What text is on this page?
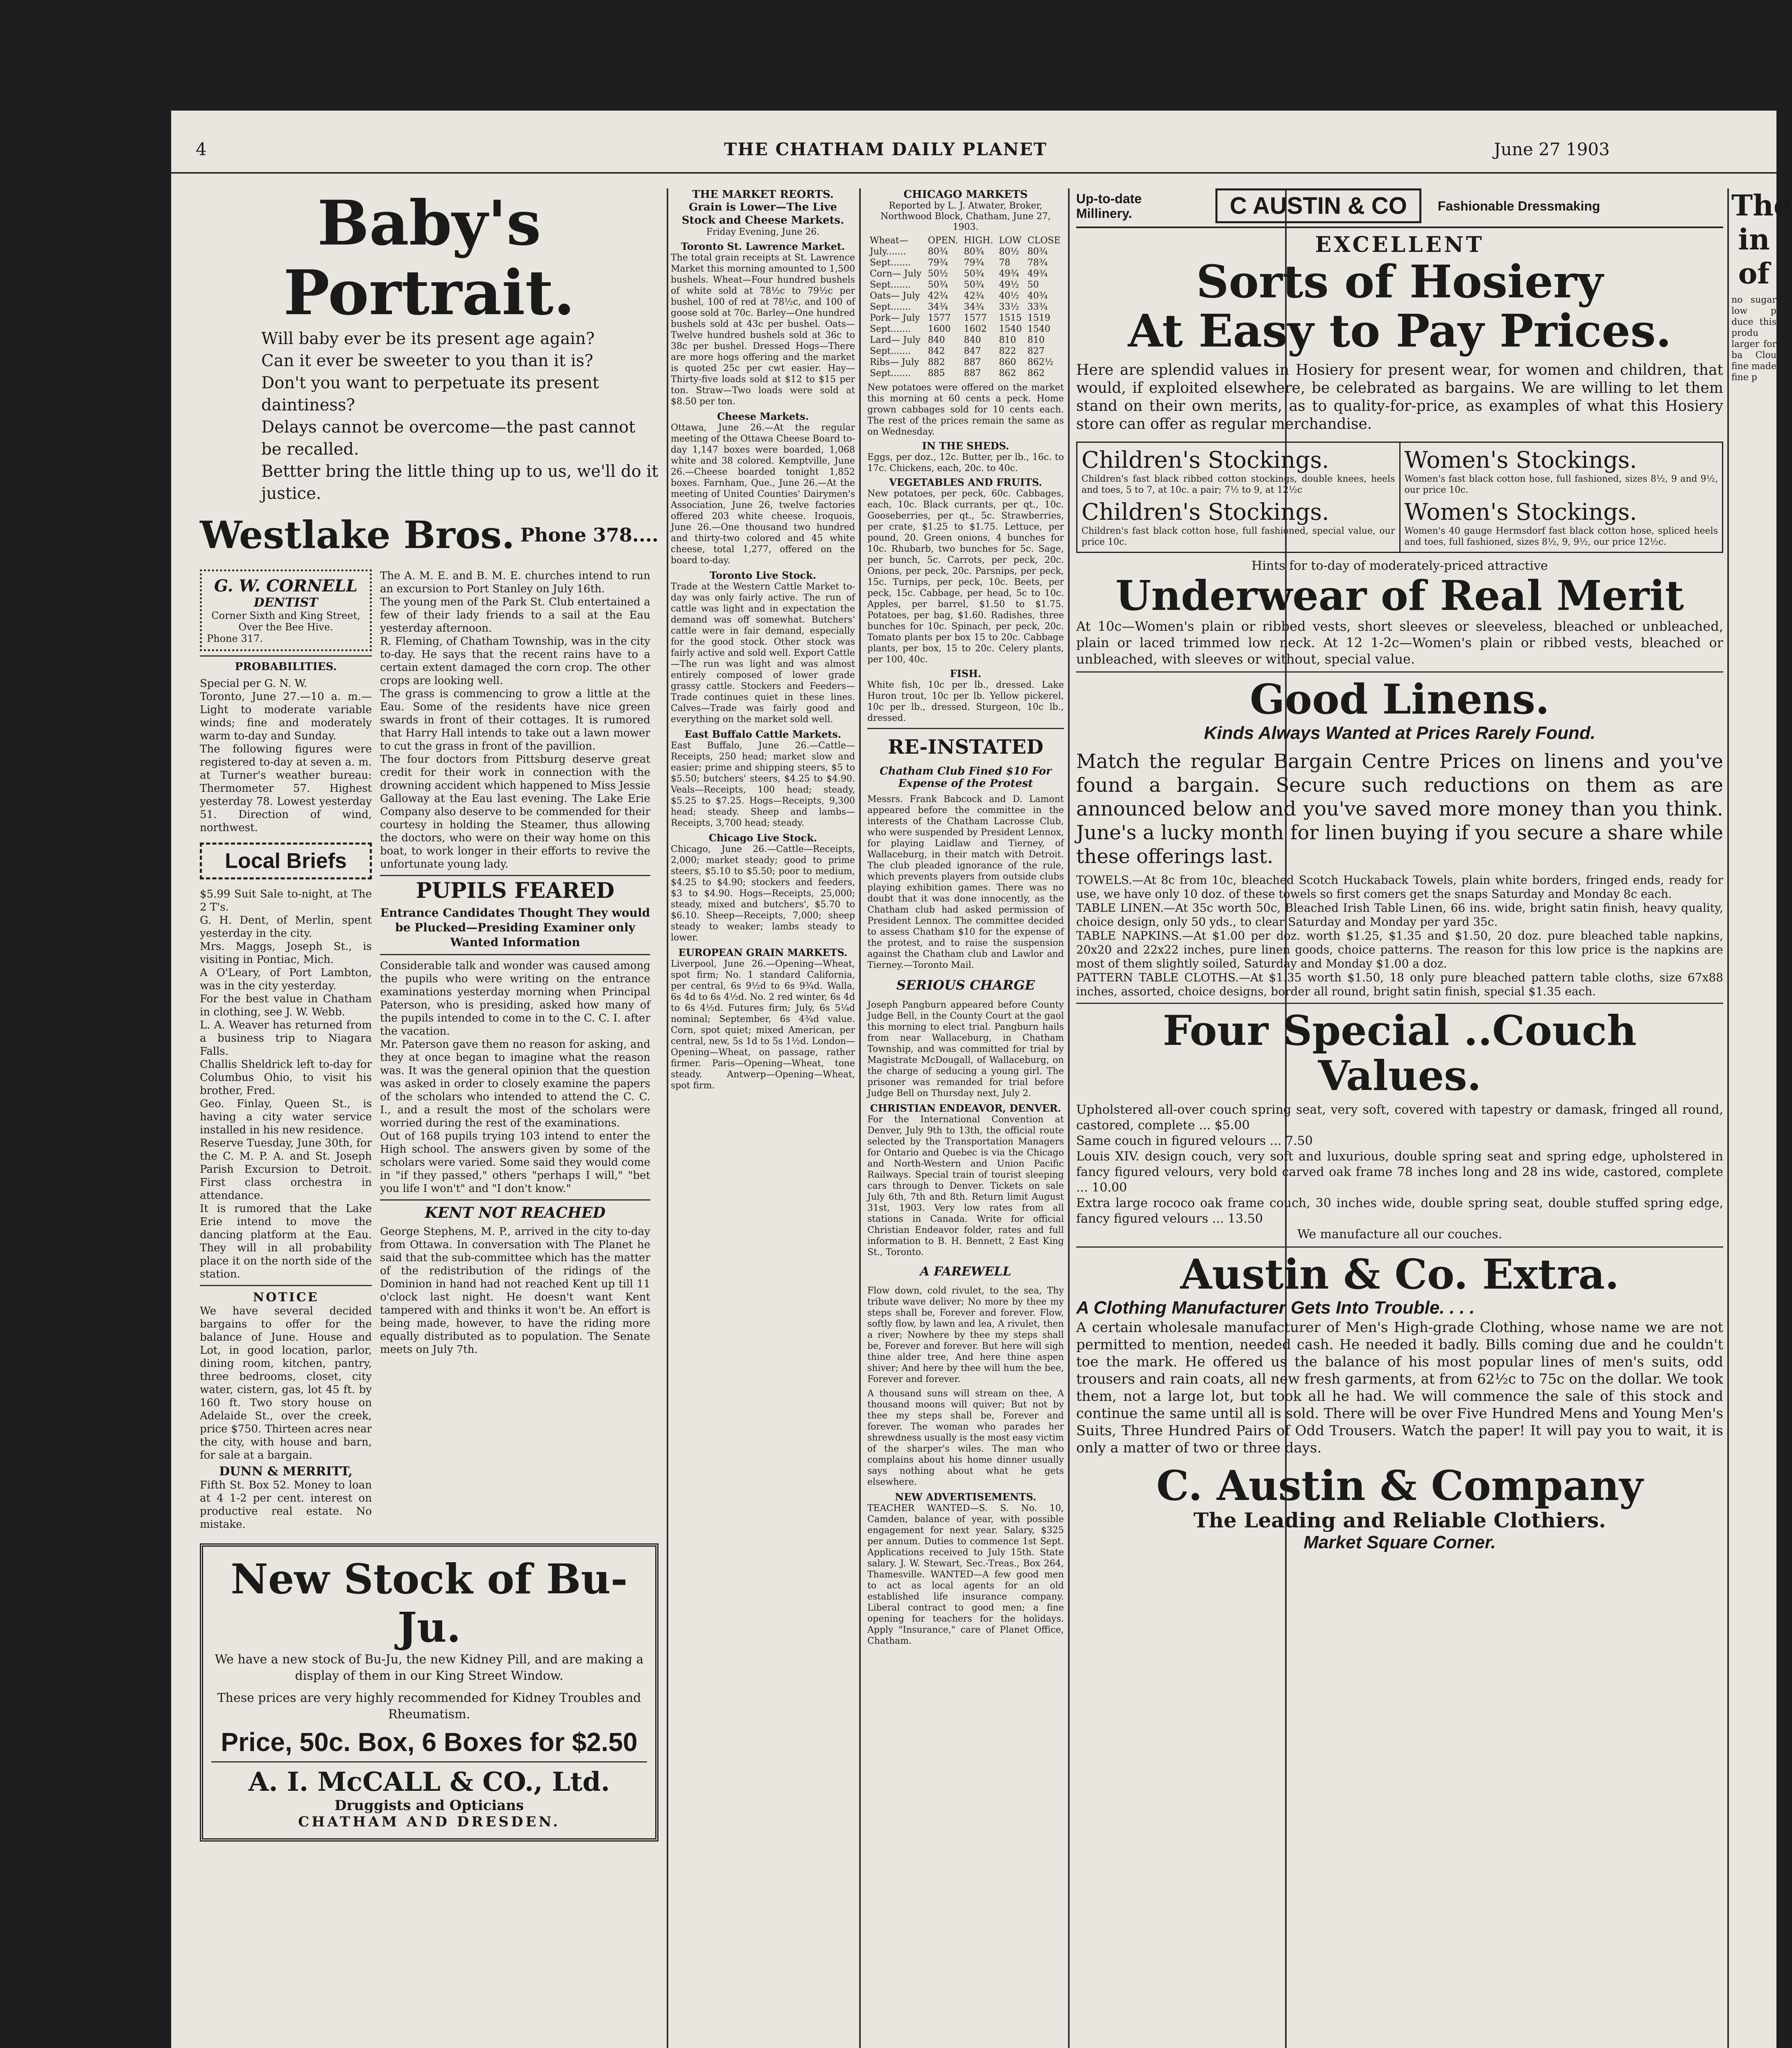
4	THE CHATHAM DAILY PLANET	June 27 1903
Baby's Portrait.

Will baby ever be its present age again?

Can it ever be sweeter to you than it is?

Don't you want to perpetuate its present daintiness?

Delays cannot be overcome—the past cannot be recalled.

Bettter bring the little thing up to us, we'll do it justice.

Westlake Bros. Phone 378....
G. W. CORNELL
DENTIST
Corner Sixth and King Street,
Over the Bee Hive.
Phone 317.
PROBABILITIES.

Special per G. N. W.

Toronto, June 27.—10 a. m.—Light to moderate variable winds; fine and moderately warm to-day and Sunday.

The following figures were registered to-day at seven a. m. at Turner's weather bureau: Thermometer 57. Highest yesterday 78. Lowest yesterday 51. Direction of wind, northwest.

Local Briefs

$5.99 Suit Sale to-night, at The 2 T's.

G. H. Dent, of Merlin, spent yesterday in the city.

Mrs. Maggs, Joseph St., is visiting in Pontiac, Mich.

A O'Leary, of Port Lambton, was in the city yesterday.

For the best value in Chatham in clothing, see J. W. Webb.

L. A. Weaver has returned from a business trip to Niagara Falls.

Challis Sheldrick left to-day for Columbus Ohio, to visit his brother, Fred.

Geo. Finlay, Queen St., is having a city water service installed in his new residence.

Reserve Tuesday, June 30th, for the C. M. P. A. and St. Joseph Parish Excursion to Detroit. First class orchestra in attendance.

It is rumored that the Lake Erie intend to move the dancing platform at the Eau. They will in all probability place it on the north side of the station.

NOTICE
We have several decided bargains to offer for the balance of June. House and Lot, in good location, parlor, dining room, kitchen, pantry, three bedrooms, closet, city water, cistern, gas, lot 45 ft. by 160 ft. Two story house on Adelaide St., over the creek, price $750. Thirteen acres near the city, with house and barn, for sale at a bargain.
DUNN & MERRITT,
Fifth St. Box 52. Money to loan at 4 1-2 per cent. interest on productive real estate. No mistake.

The A. M. E. and B. M. E. churches intend to run an excursion to Port Stanley on July 16th.

The young men of the Park St. Club entertained a few of their lady friends to a sail at the Eau yesterday afternoon.

R. Fleming, of Chatham Township, was in the city to-day. He says that the recent rains have to a certain extent damaged the corn crop. The other crops are looking well.

The grass is commencing to grow a little at the Eau. Some of the residents have nice green swards in front of their cottages. It is rumored that Harry Hall intends to take out a lawn mower to cut the grass in front of the pavillion.

The four doctors from Pittsburg deserve great credit for their work in connection with the drowning accident which happened to Miss Jessie Galloway at the Eau last evening. The Lake Erie Company also deserve to be commended for their courtesy in holding the Steamer, thus allowing the doctors, who were on their way home on this boat, to work longer in their efforts to revive the unfortunate young lady.

PUPILS FEARED
Entrance Candidates Thought They would be Plucked—Presiding Examiner only Wanted Information

Considerable talk and wonder was caused among the pupils who were writing on the entrance examinations yesterday morning when Principal Paterson, who is presiding, asked how many of the pupils intended to come in to the C. C. I. after the vacation.

Mr. Paterson gave them no reason for asking, and they at once began to imagine what the reason was. It was the general opinion that the question was asked in order to closely examine the papers of the scholars who intended to attend the C. C. I., and a result the most of the scholars were worried during the rest of the examinations.

Out of 168 pupils trying 103 intend to enter the High school. The answers given by some of the scholars were varied. Some said they would come in "if they passed," others "perhaps I will," "bet you life I won't" and "I don't know."

KENT NOT REACHED

George Stephens, M. P., arrived in the city to-day from Ottawa. In conversation with The Planet he said that the sub-committee which has the matter of the redistribution of the ridings of the Dominion in hand had not reached Kent up till 11 o'clock last night. He doesn't want Kent tampered with and thinks it won't be. An effort is being made, however, to have the riding more equally distributed as to population. The Senate meets on July 7th.

New Stock of Bu-Ju.
We have a new stock of Bu-Ju, the new Kidney Pill, and are making a display of them in our King Street Window.
These prices are very highly recommended for Kidney Troubles and Rheumatism.
Price, 50c. Box, 6 Boxes for $2.50
A. I. McCALL & CO., Ltd.
Druggists and Opticians
CHATHAM AND DRESDEN.
THE MARKET REORTS.
Grain is Lower—The Live Stock and Cheese Markets.
Friday Evening, June 26.
Toronto St. Lawrence Market.
The total grain receipts at St. Lawrence Market this morning amounted to 1,500 bushels. Wheat—Four hundred bushels of white sold at 78½c to 79½c per bushel, 100 of red at 78½c, and 100 of goose sold at 70c. Barley—One hundred bushels sold at 43c per bushel. Oats—Twelve hundred bushels sold at 36c to 38c per bushel. Dressed Hogs—There are more hogs offering and the market is quoted 25c per cwt easier. Hay—Thirty-five loads sold at $12 to $15 per ton. Straw—Two loads were sold at $8.50 per ton.
Cheese Markets.
Ottawa, June 26.—At the regular meeting of the Ottawa Cheese Board to-day 1,147 boxes were boarded, 1,068 white and 38 colored. Kemptville, June 26.—Cheese boarded tonight 1,852 boxes. Farnham, Que., June 26.—At the meeting of United Counties' Dairymen's Association, June 26, twelve factories offered 203 white cheese. Iroquois, June 26.—One thousand two hundred and thirty-two colored and 45 white cheese, total 1,277, offered on the board to-day.
Toronto Live Stock.
Trade at the Western Cattle Market to-day was only fairly active. The run of cattle was light and in expectation the demand was off somewhat. Butchers' cattle were in fair demand, especially for the good stock. Other stock was fairly active and sold well. Export Cattle—The run was light and was almost entirely composed of lower grade grassy cattle. Stockers and Feeders—Trade continues quiet in these lines. Calves—Trade was fairly good and everything on the market sold well.
East Buffalo Cattle Markets.
East Buffalo, June 26.—Cattle—Receipts, 250 head; market slow and easier; prime and shipping steers, $5 to $5.50; butchers' steers, $4.25 to $4.90. Veals—Receipts, 100 head; steady, $5.25 to $7.25. Hogs—Receipts, 9,300 head; steady. Sheep and lambs—Receipts, 3,700 head; steady.
Chicago Live Stock.
Chicago, June 26.—Cattle—Receipts, 2,000; market steady; good to prime steers, $5.10 to $5.50; poor to medium, $4.25 to $4.90; stockers and feeders, $3 to $4.90. Hogs—Receipts, 25,000; steady, mixed and butchers', $5.70 to $6.10. Sheep—Receipts, 7,000; sheep steady to weaker; lambs steady to lower.
EUROPEAN GRAIN MARKETS.
Liverpool, June 26.—Opening—Wheat, spot firm; No. 1 standard California, per central, 6s 9½d to 6s 9¾d. Walla, 6s 4d to 6s 4½d. No. 2 red winter, 6s 4d to 6s 4½d. Futures firm; July, 6s 5¼d nominal; September, 6s 4¾d value. Corn, spot quiet; mixed American, per central, new, 5s 1d to 5s 1½d. London—Opening—Wheat, on passage, rather firmer. Paris—Opening—Wheat, tone steady. Antwerp—Opening—Wheat, spot firm.
CHICAGO MARKETS
Reported by L. J. Atwater, Broker, Northwood Block, Chatham, June 27, 1903.
Wheat—	OPEN.	HIGH.	LOW	CLOSE
July.......	80¾	80¾	80½	80¾
Sept.......	79¾	79¾	78	78¾
Corn— July	50½	50¾	49¾	49¾
Sept.......	50¾	50¾	49½	50
Oats— July	42¾	42¾	40½	40¾
Sept.......	34¾	34¾	33½	33¾
Pork— July	1577	1577	1515	1519
Sept.......	1600	1602	1540	1540
Lard— July	840	840	810	810
Sept.......	842	847	822	827
Ribs— July	882	887	860	862½
Sept.......	885	887	862	862

New potatoes were offered on the market this morning at 60 cents a peck. Home grown cabbages sold for 10 cents each. The rest of the prices remain the same as on Wednesday.
IN THE SHEDS.
Eggs, per doz., 12c. Butter, per lb., 16c. to 17c. Chickens, each, 20c. to 40c.
VEGETABLES AND FRUITS.
New potatoes, per peck, 60c. Cabbages, each, 10c. Black currants, per qt., 10c. Gooseberries, per qt., 5c. Strawberries, per crate, $1.25 to $1.75. Lettuce, per pound, 20. Green onions, 4 bunches for 10c. Rhubarb, two bunches for 5c. Sage, per bunch, 5c. Carrots, per peck, 20c. Onions, per peck, 20c. Parsnips, per peck, 15c. Turnips, per peck, 10c. Beets, per peck, 15c. Cabbage, per head, 5c to 10c. Apples, per barrel, $1.50 to $1.75. Potatoes, per bag, $1.60. Radishes, three bunches for 10c. Spinach, per peck, 20c. Tomato plants per box 15 to 20c. Cabbage plants, per box, 15 to 20c. Celery plants, per 100, 40c.
FISH.
White fish, 10c per lb., dressed. Lake Huron trout, 10c per lb. Yellow pickerel, 10c per lb., dressed. Sturgeon, 10c lb., dressed.
RE-INSTATED
Chatham Club Fined $10 For Expense of the Protest
Messrs. Frank Babcock and D. Lamont appeared before the committee in the interests of the Chatham Lacrosse Club, who were suspended by President Lennox, for playing Laidlaw and Tierney, of Wallaceburg, in their match with Detroit. The club pleaded ignorance of the rule, which prevents players from outside clubs playing exhibition games. There was no doubt that it was done innocently, as the Chatham club had asked permission of President Lennox. The committee decided to assess Chatham $10 for the expense of the protest, and to raise the suspension against the Chatham club and Lawlor and Tierney.—Toronto Mail.
SERIOUS CHARGE
Joseph Pangburn appeared before County Judge Bell, in the County Court at the gaol this morning to elect trial. Pangburn hails from near Wallaceburg, in Chatham Township, and was committed for trial by Magistrate McDougall, of Wallaceburg, on the charge of seducing a young girl. The prisoner was remanded for trial before Judge Bell on Thursday next, July 2.
CHRISTIAN ENDEAVOR, DENVER.
For the International Convention at Denver, July 9th to 13th, the official route selected by the Transportation Managers for Ontario and Quebec is via the Chicago and North-Western and Union Pacific Railways. Special train of tourist sleeping cars through to Denver. Tickets on sale July 6th, 7th and 8th. Return limit August 31st, 1903. Very low rates from all stations in Canada. Write for official Christian Endeavor folder, rates and full information to B. H. Bennett, 2 East King St., Toronto.
A FAREWELL
Flow down, cold rivulet, to the sea, Thy tribute wave deliver; No more by thee my steps shall be, Forever and forever. Flow, softly flow, by lawn and lea, A rivulet, then a river; Nowhere by thee my steps shall be, Forever and forever. But here will sigh thine alder tree, And here thine aspen shiver; And here by thee will hum the bee, Forever and forever.
A thousand suns will stream on thee, A thousand moons will quiver; But not by thee my steps shall be, Forever and forever. The woman who parades her shrewdness usually is the most easy victim of the sharper's wiles. The man who complains about his home dinner usually says nothing about what he gets elsewhere.
NEW ADVERTISEMENTS.
TEACHER WANTED—S. S. No. 10, Camden, balance of year, with possible engagement for next year. Salary, $325 per annum. Duties to commence 1st Sept. Applications received to July 15th. State salary. J. W. Stewart, Sec.-Treas., Box 264, Thamesville. WANTED—A few good men to act as local agents for an old established life insurance company. Liberal contract to good men; a fine opening for teachers for the holidays. Apply "Insurance," care of Planet Office, Chatham.
Up-to-date Millinery.	C AUSTIN & CO	Fashionable Dressmaking
EXCELLENT
Sorts of Hosiery
At Easy to Pay Prices.
Here are splendid values in Hosiery for present wear, for women and children, that would, if exploited elsewhere, be celebrated as bargains. We are willing to let them stand on their own merits, as to quality-for-price, as examples of what this Hosiery store can offer as regular merchandise.
Children's Stockings.
Children's fast black ribbed cotton stockings, double knees, heels and toes, 5 to 7, at 10c. a pair; 7½ to 9, at 12½c
Children's Stockings.
Children's fast black cotton hose, full fashioned, special value, our price 10c.
Women's Stockings.
Women's fast black cotton hose, full fashioned, sizes 8½, 9 and 9½, our price 10c.
Women's Stockings.
Women's 40 gauge Hermsdorf fast black cotton hose, spliced heels and toes, full fashioned, sizes 8½, 9, 9½, our price 12½c.
Hints for to-day of moderately-priced attractive
Underwear of Real Merit
At 10c—Women's plain or ribbed vests, short sleeves or sleeveless, bleached or unbleached, plain or laced trimmed low neck. At 12 1-2c—Women's plain or ribbed vests, bleached or unbleached, with sleeves or without, special value.
Good Linens.
Kinds Always Wanted at Prices Rarely Found.
Match the regular Bargain Centre Prices on linens and you've found a bargain. Secure such reductions on them as are announced below and you've saved more money than you think. June's a lucky month for linen buying if you secure a share while these offerings last.

TOWELS.—At 8c from 10c, bleached Scotch Huckaback Towels, plain white borders, fringed ends, ready for use, we have only 10 doz. of these towels so first comers get the snaps Saturday and Monday 8c each.

TABLE LINEN.—At 35c worth 50c, Bleached Irish Table Linen, 66 ins. wide, bright satin finish, heavy quality, choice design, only 50 yds., to clear Saturday and Monday per yard 35c.

TABLE NAPKINS.—At $1.00 per doz. worth $1.25, $1.35 and $1.50, 20 doz. pure bleached table napkins, 20x20 and 22x22 inches, pure linen goods, choice patterns. The reason for this low price is the napkins are most of them slightly soiled, Saturday and Monday $1.00 a doz.

PATTERN TABLE CLOTHS.—At $1.35 worth $1.50, 18 only pure bleached pattern table cloths, size 67x88 inches, assorted, choice designs, border all round, bright satin finish, special $1.35 each.

Four Special ..Couch Values.

Upholstered all-over couch spring seat, very soft, covered with tapestry or damask, fringed all round, castored, complete ... $5.00

Same couch in figured velours ... 7.50

Louis XIV. design couch, very soft and luxurious, double spring seat and spring edge, upholstered in fancy figured velours, very bold carved oak frame 78 inches long and 28 ins wide, castored, complete ... 10.00

Extra large rococo oak frame couch, 30 inches wide, double spring seat, double stuffed spring edge, fancy figured velours ... 13.50

We manufacture all our couches.

Austin & Co. Extra.
A Clothing Manufacturer Gets Into Trouble. . . .
A certain wholesale manufacturer of Men's High-grade Clothing, whose name we are not permitted to mention, needed cash. He needed it badly. Bills coming due and he couldn't toe the mark. He offered us the balance of his most popular lines of men's suits, odd trousers and rain coats, all new fresh garments, at from 62½c to 75c on the dollar. We took them, not a large lot, but took all he had. We will commence the sale of this stock and continue the same until all is sold. There will be over Five Hundred Mens and Young Men's Suits, Three Hundred Pairs of Odd Trousers. Watch the paper! It will pay you to wait, it is only a matter of two or three days.
C. Austin & Company
The Leading and Reliable Clothiers.
Market Square Corner.
The in of
no sugar low p duce this produ larger for ba Clou fine made fine p
